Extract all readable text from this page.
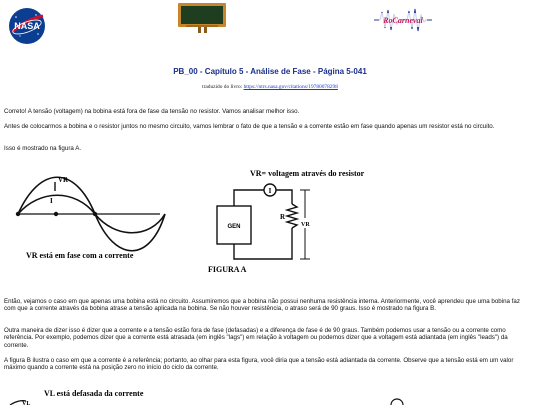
NASA
RoCarneval
PB_00 - Capítulo 5 - Análise de Fase - Página 5-041
traduzido do livro: https://ntrs.nasa.gov/citations/19780078298
Correto! A tensão (voltagem) na bobina está fora de fase da tensão no resistor. Vamos analisar melhor isso.
Antes de colocarmos a bobina e o resistor juntos no mesmo circuito, vamos lembrar o fato de que a tensão e a corrente estão em fase quando apenas um resistor está no circuito.
Isso é mostrado na figura A.
VR
I
VR está em fase com a corrente
VR= voltagem através do resistor
I
GEN
R
VR
FIGURA A
Então, vejamos o caso em que apenas uma bobina está no circuito. Assumiremos que a bobina não possui nenhuma resistência interna. Anteriormente, você aprendeu que uma bobina faz com que a corrente através da bobina atrase a tensão aplicada na bobina. Se não houver resistência, o atraso será de 90 graus. Isso é mostrado na figura B.
Outra maneira de dizer isso é dizer que a corrente e a tensão estão fora de fase (defasadas) e a diferença de fase é de 90 graus. Também podemos usar a tensão ou a corrente como referência. Por exemplo, podemos dizer que a corrente está atrasada (em inglês "lags") em relação à voltagem ou podemos dizer que a voltagem está adiantada (em inglês "leads") da corrente.
A figura B ilustra o caso em que a corrente é a referência; portanto, ao olhar para esta figura, você diria que a tensão está adiantada da corrente. Observe que a tensão está em um valor máximo quando a corrente está na posição zero no início do ciclo da corrente.
VL está defasada da corrente
VL
